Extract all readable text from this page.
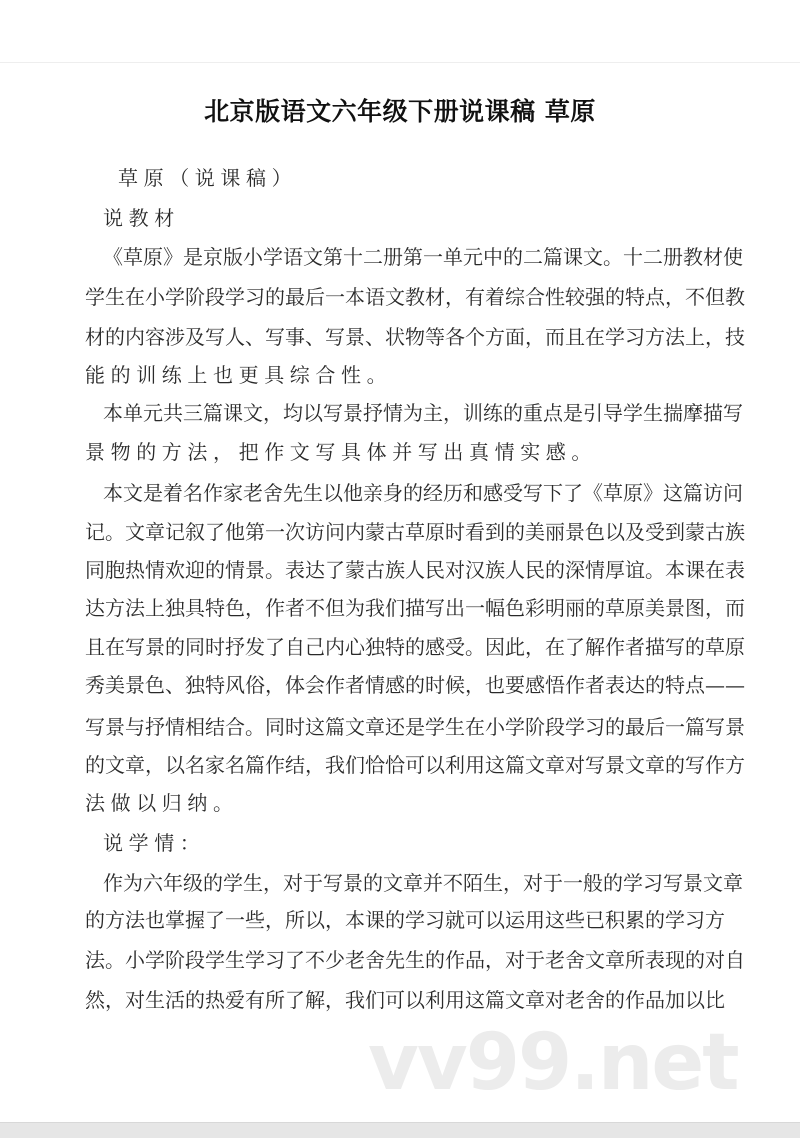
北京版语文六年级下册说课稿 草原
草原（说课稿）
说教材
《草原》是京版小学语文第十二册第一单元中的二篇课文。十二册教材使
学生在小学阶段学习的最后一本语文教材，有着综合性较强的特点，不但教
材的内容涉及写人、写事、写景、状物等各个方面，而且在学习方法上，技
能的训练上也更具综合性。
本单元共三篇课文，均以写景抒情为主，训练的重点是引导学生揣摩描写
景物的方法，把作文写具体并写出真情实感。
本文是着名作家老舍先生以他亲身的经历和感受写下了《草原》这篇访问
记。文章记叙了他第一次访问内蒙古草原时看到的美丽景色以及受到蒙古族
同胞热情欢迎的情景。表达了蒙古族人民对汉族人民的深情厚谊。本课在表
达方法上独具特色，作者不但为我们描写出一幅色彩明丽的草原美景图，而
且在写景的同时抒发了自己内心独特的感受。因此，在了解作者描写的草原
秀美景色、独特风俗，体会作者情感的时候，也要感悟作者表达的特点——
写景与抒情相结合。同时这篇文章还是学生在小学阶段学习的最后一篇写景
的文章，以名家名篇作结，我们恰恰可以利用这篇文章对写景文章的写作方
法做以归纳。
说学情：
作为六年级的学生，对于写景的文章并不陌生，对于一般的学习写景文章
的方法也掌握了一些，所以，本课的学习就可以运用这些已积累的学习方
法。小学阶段学生学习了不少老舍先生的作品，对于老舍文章所表现的对自
然，对生活的热爱有所了解，我们可以利用这篇文章对老舍的作品加以比
vv99.net
